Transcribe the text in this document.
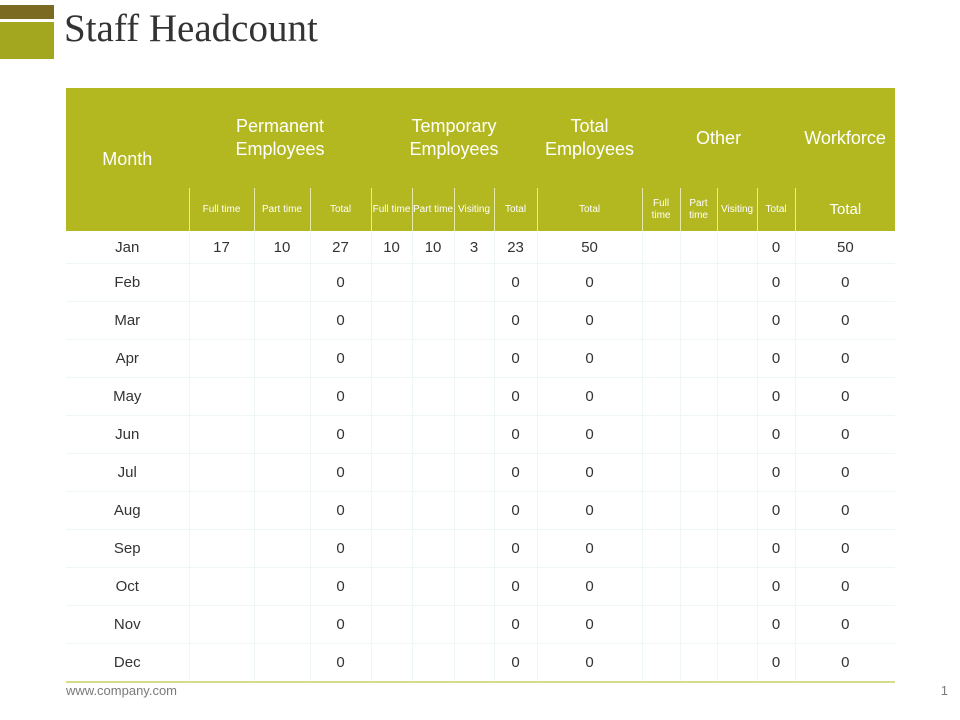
Staff Headcount
Month	Permanent Employees			Temporary Employees				Total Employees	Other				Workforce
	Full time	Part time	Total	Full time	Part time	Visiting	Total	Total	Full time	Part time	Visiting	Total	Total
Jan	17	10	27	10	10	3	23	50				0	50
Feb			0				0	0				0	0
Mar			0				0	0				0	0
Apr			0				0	0				0	0
May			0				0	0				0	0
Jun			0				0	0				0	0
Jul			0				0	0				0	0
Aug			0				0	0				0	0
Sep			0				0	0				0	0
Oct			0				0	0				0	0
Nov			0				0	0				0	0
Dec			0				0	0				0	0
www.company.com	1
